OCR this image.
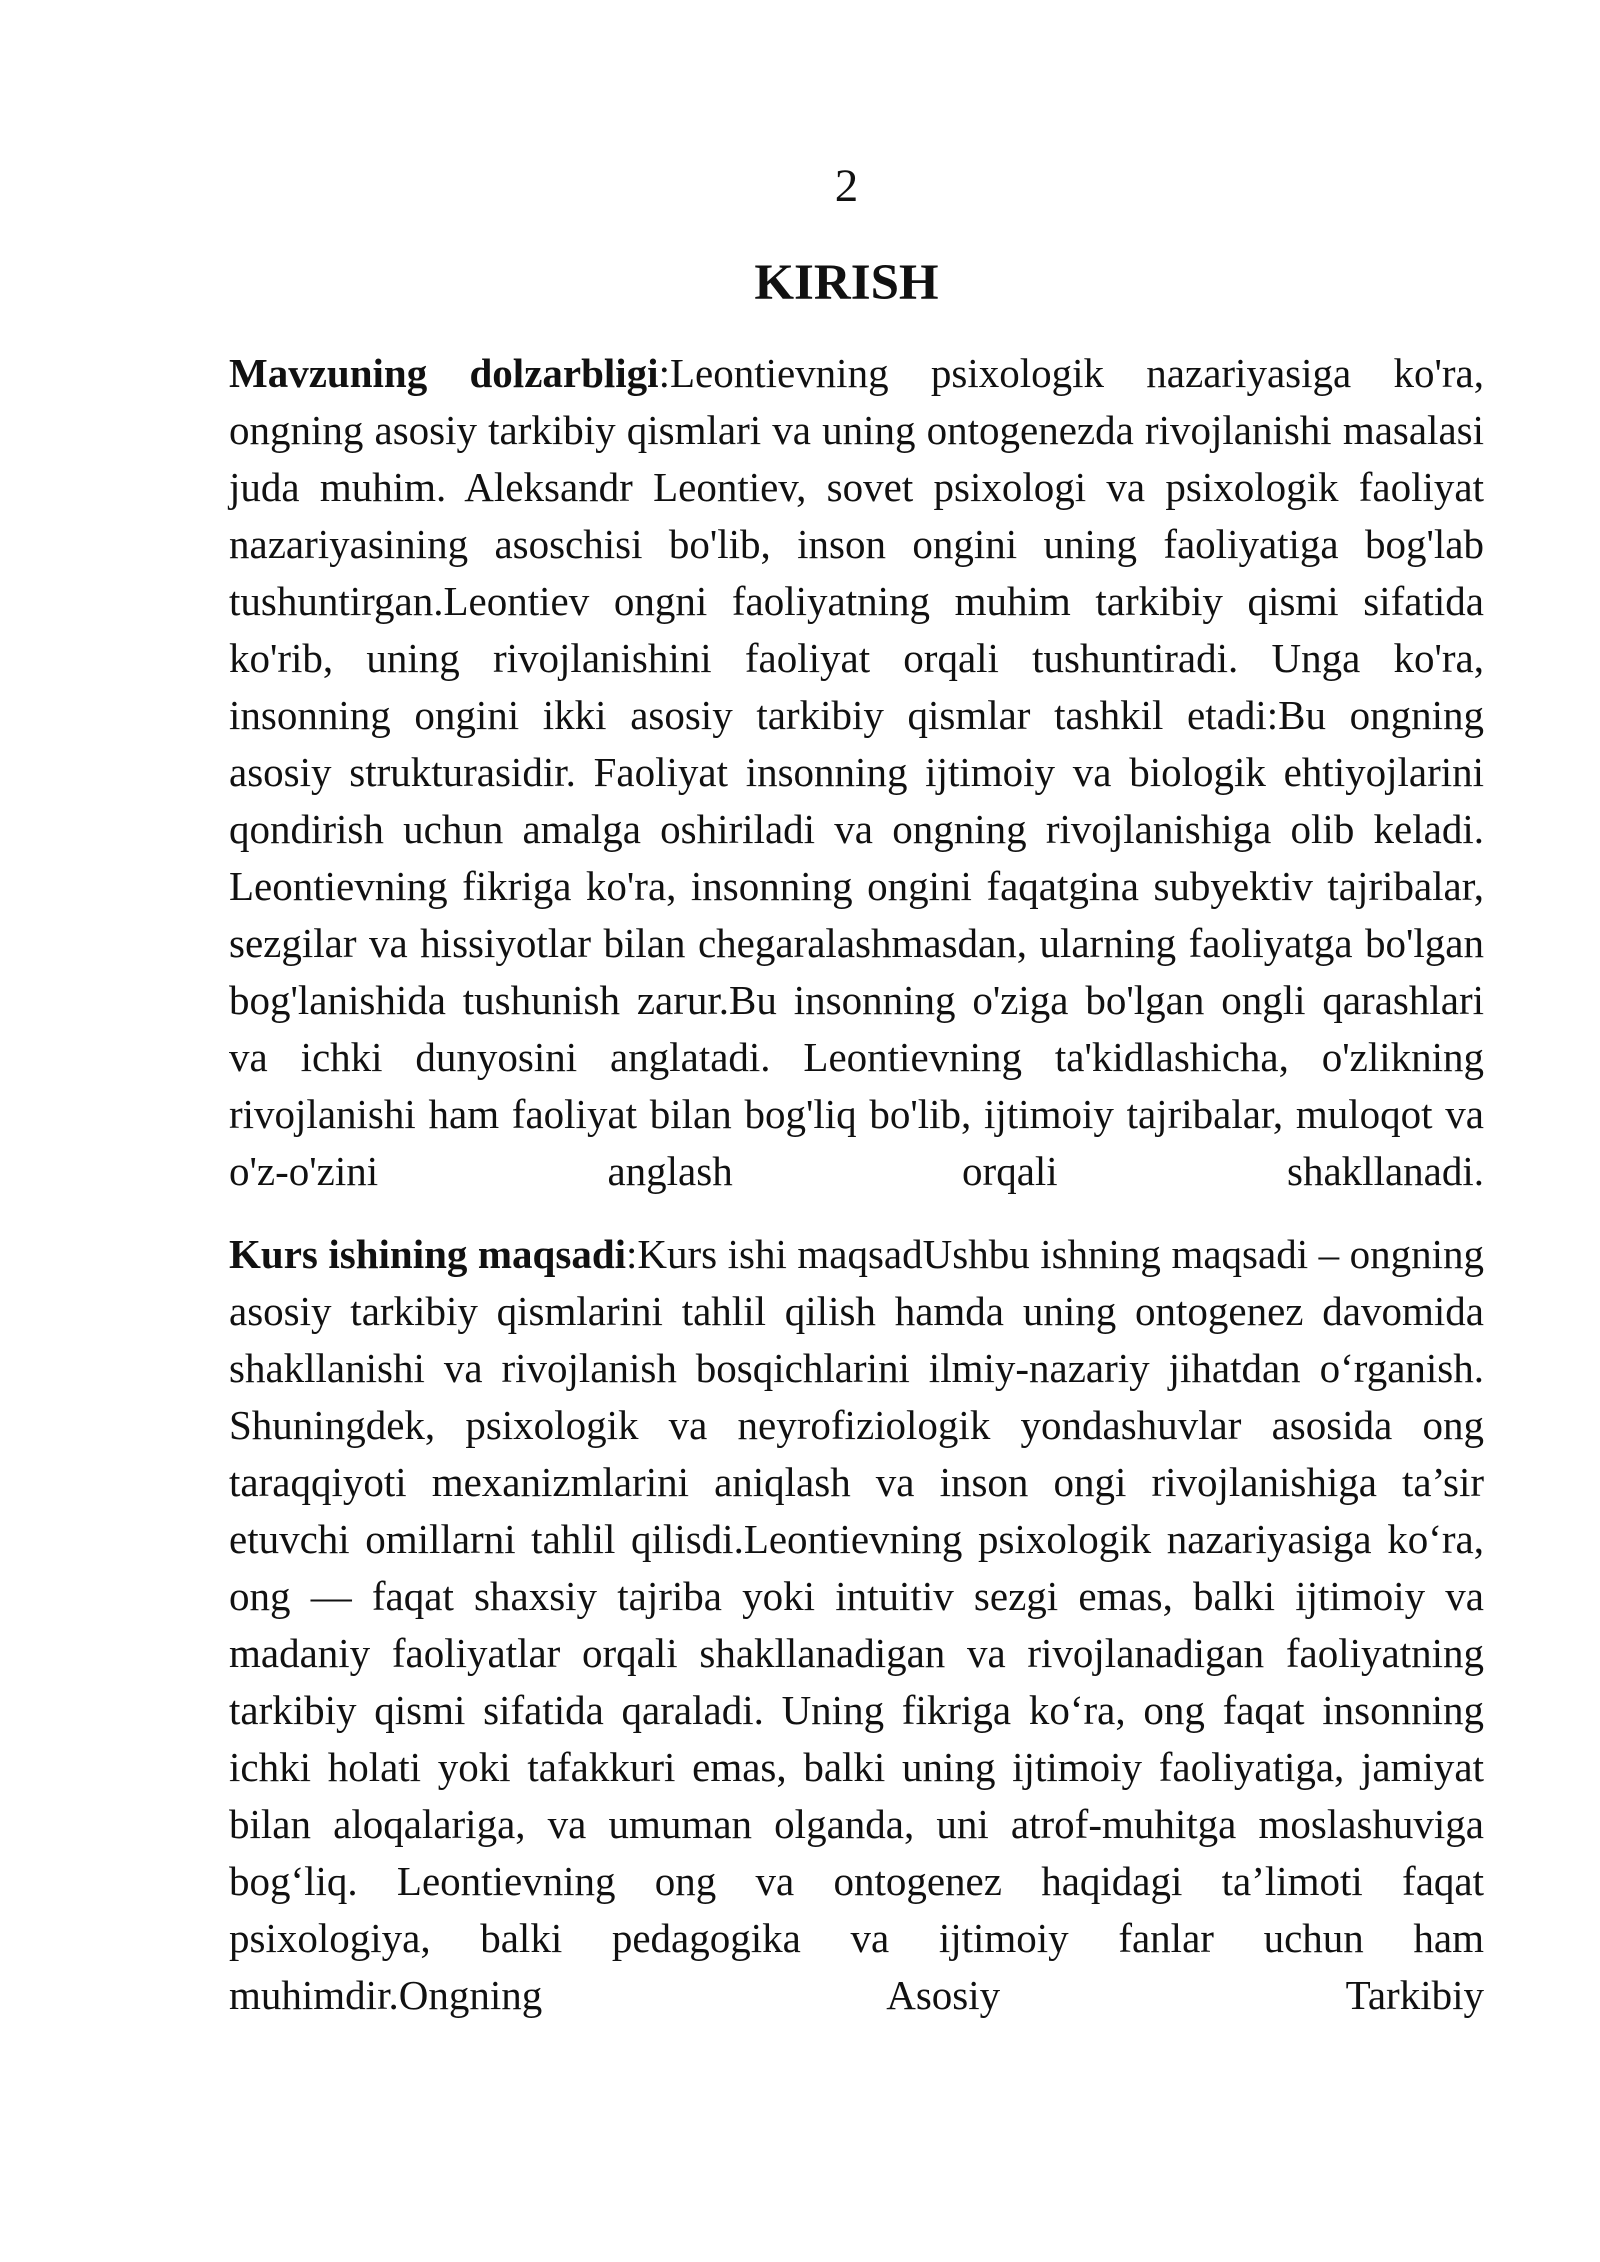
2
KIRISH

Mavzuning dolzarbligi:Leontievning psixologik nazariyasiga ko'ra, ongning asosiy tarkibiy qismlari va uning ontogenezda rivojlanishi masalasi juda muhim. Aleksandr Leontiev, sovet psixologi va psixologik faoliyat nazariyasining asoschisi bo'lib, inson ongini uning faoliyatiga bog'lab tushuntirgan.Leontiev ongni faoliyatning muhim tarkibiy qismi sifatida ko'rib, uning rivojlanishini faoliyat orqali tushuntiradi. Unga ko'ra, insonning ongini ikki asosiy tarkibiy qismlar tashkil etadi:Bu ongning asosiy strukturasidir. Faoliyat insonning ijtimoiy va biologik ehtiyojlarini qondirish uchun amalga oshiriladi va ongning rivojlanishiga olib keladi. Leontievning fikriga ko'ra, insonning ongini faqatgina subyektiv tajribalar, sezgilar va hissiyotlar bilan chegaralashmasdan, ularning faoliyatga bo'lgan bog'lanishida tushunish zarur.Bu insonning o'ziga bo'lgan ongli qarashlari va ichki dunyosini anglatadi. Leontievning ta'kidlashicha, o'zlikning rivojlanishi ham faoliyat bilan bog'liq bo'lib, ijtimoiy tajribalar, muloqot va o'z-o'zini anglash orqali shakllanadi.

Kurs ishining maqsadi:Kurs ishi maqsadUshbu ishning maqsadi – ongning asosiy tarkibiy qismlarini tahlil qilish hamda uning ontogenez davomida shakllanishi va rivojlanish bosqichlarini ilmiy-nazariy jihatdan o‘rganish. Shuningdek, psixologik va neyrofiziologik yondashuvlar asosida ong taraqqiyoti mexanizmlarini aniqlash va inson ongi rivojlanishiga ta’sir etuvchi omillarni tahlil qilisdi.Leontievning psixologik nazariyasiga ko‘ra, ong — faqat shaxsiy tajriba yoki intuitiv sezgi emas, balki ijtimoiy va madaniy faoliyatlar orqali shakllanadigan va rivojlanadigan faoliyatning tarkibiy qismi sifatida qaraladi. Uning fikriga ko‘ra, ong faqat insonning ichki holati yoki tafakkuri emas, balki uning ijtimoiy faoliyatiga, jamiyat bilan aloqalariga, va umuman olganda, uni atrof-muhitga moslashuviga bog‘liq. Leontievning ong va ontogenez haqidagi ta’limoti faqat psixologiya, balki pedagogika va ijtimoiy fanlar uchun ham muhimdir.Ongning Asosiy Tarkibiy
